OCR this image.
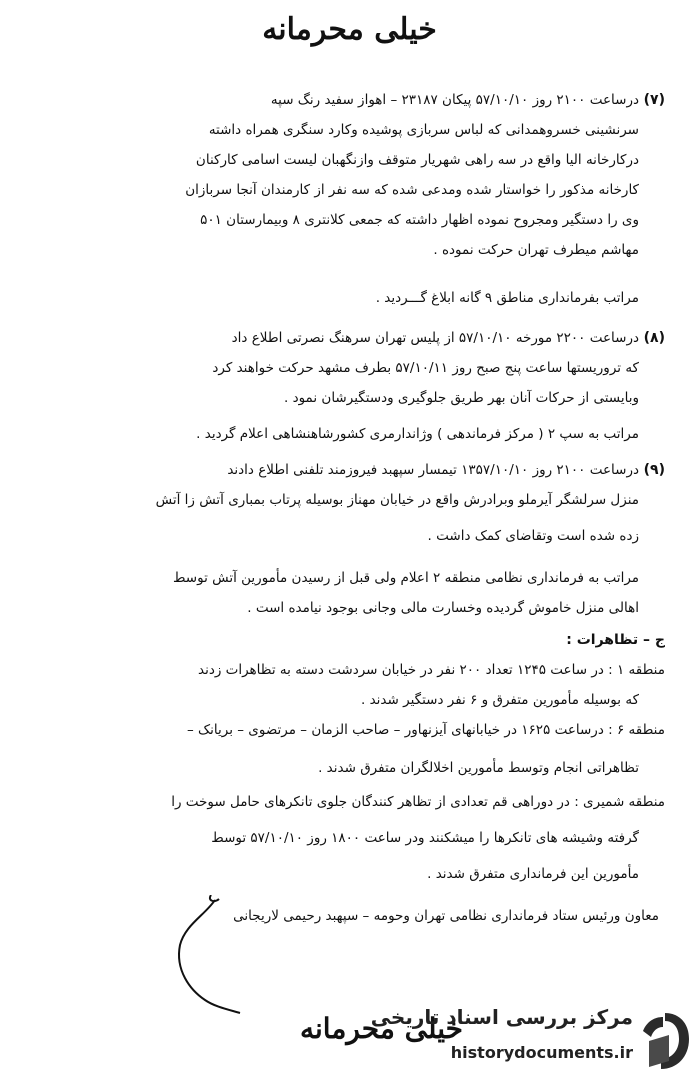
خیلی محرمانه
(۷)
درساعت ۲۱۰۰ روز ۵۷/۱۰/۱۰ پیکان ۲۳۱۸۷ – اهواز سفید رنگ سپه
سرنشینی خسروهمدانی که لباس سربازی پوشیده وکارد سنگری همراه داشته
درکارخانه الیا واقع در سه راهی شهریار متوقف وازنگهبان لیست اسامی کارکنان
کارخانه مذکور را خواستار شده ومدعی شده که سه نفر از کارمندان آنجا سربازان
وی را دستگیر ومجروح نموده اظهار داشته که جمعی کلانتری ۸ وبیمارستان ۵۰۱
مهاشم میطرف تهران حرکت نموده .
مراتب بفرمانداری مناطق ۹ گانه ابلاغ گـــردید .
(۸)
درساعت ۲۲۰۰ مورخه ۵۷/۱۰/۱۰ از پلیس تهران سرهنگ نصرتی اطلاع داد
که تروریستها ساعت پنج صبح روز ۵۷/۱۰/۱۱ بطرف مشهد حرکت خواهند کرد
وبایستی از حرکات آنان بهر طریق جلوگیری ودستگیرشان نمود .
مراتب به سپ ۲ ( مرکز فرماندهی ) وژاندارمری کشورشاهنشاهی اعلام گردید .
(۹)
درساعت ۲۱۰۰ روز ۱۳۵۷/۱۰/۱۰ تیمسار سپهبد فیروزمند تلفنی اطلاع دادند
منزل سرلشگر آیرملو وبرادرش واقع در خیابان مهناز بوسیله پرتاب بمباری آتش زا آتش
زده شده است وتقاضای کمک داشت .
مراتب به فرمانداری نظامی منطقه ۲ اعلام ولی قبل از رسیدن مأمورین آتش توسط
اهالی منزل خاموش گردیده وخسارت مالی وجانی بوجود نیامده است .
ج – تظاهرات :
منطقه ۱ : در ساعت ۱۲۴۵ تعداد ۲۰۰ نفر در خیابان سردشت دسته به تظاهرات زدند
که بوسیله مأمورین متفرق و ۶ نفر دستگیر شدند .
منطقه ۶ : درساعت ۱۶۲۵ در خیابانهای آیزنهاور – صاحب الزمان – مرتضوی – بریانک –
تظاهراتی انجام وتوسط مأمورین اخلالگران متفرق شدند .
منطقه شمیری : در دوراهی قم تعدادی از تظاهر کنندگان جلوی تانکرهای حامل سوخت را
گرفته وشیشه های تانکرها را میشکنند ودر ساعت ۱۸۰۰ روز ۵۷/۱۰/۱۰ توسط
مأمورین این فرمانداری متفرق شدند .
معاون ورئیس ستاد فرمانداری نظامی تهران وحومه – سپهبد رحیمی لاریجانی
خیلی محرمانه
مرکز بررسی اسناد تاریخی
historydocuments.ir
